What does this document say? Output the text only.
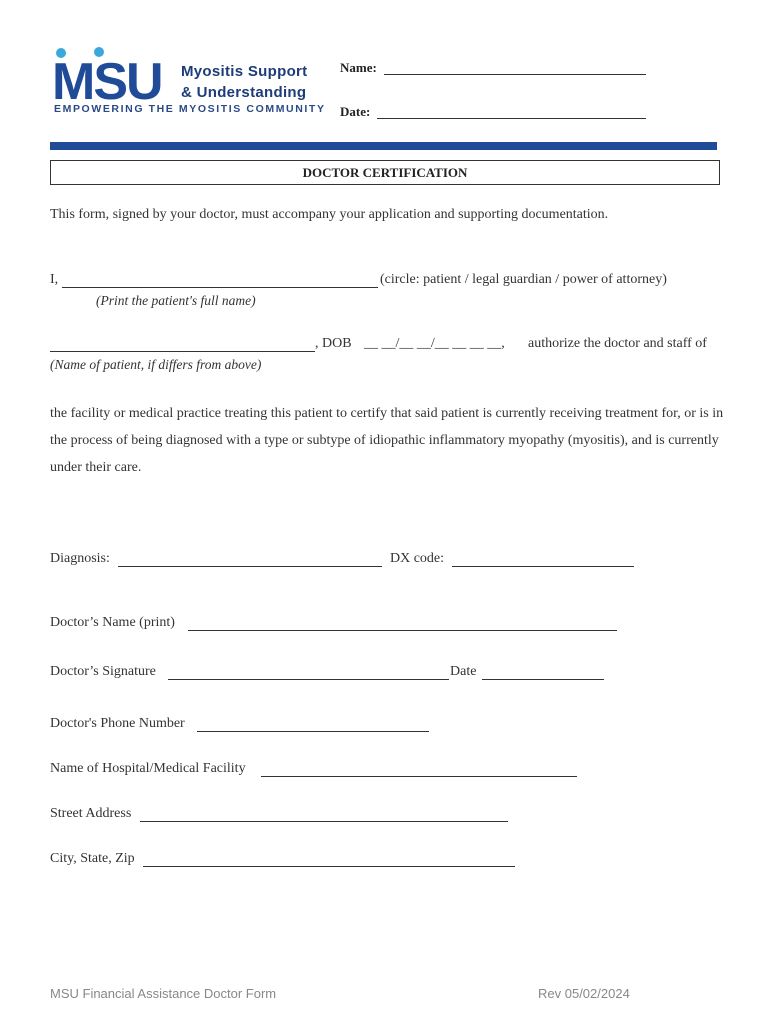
MSU Myositis Support
& Understanding
EMPOWERING THE MYOSITIS COMMUNITY
Name:
Date:
DOCTOR CERTIFICATION
This form, signed by your doctor, must accompany your application and supporting documentation.
I,	(circle: patient / legal guardian / power of attorney)
(Print the patient's full name)
, DOB __ __/__ __/__ __ __ __, authorize the doctor and staff of
(Name of patient, if differs from above)
the facility or medical practice treating this patient to certify that said patient is currently receiving treatment for, or is in the process of being diagnosed with a type or subtype of idiopathic inflammatory myopathy (myositis), and is currently under their care.
Diagnosis:	DX code:
Doctor’s Name (print)
Doctor’s Signature	Date
Doctor's Phone Number
Name of Hospital/Medical Facility
Street Address
City, State, Zip
MSU Financial Assistance Doctor Form	Rev 05/02/2024
